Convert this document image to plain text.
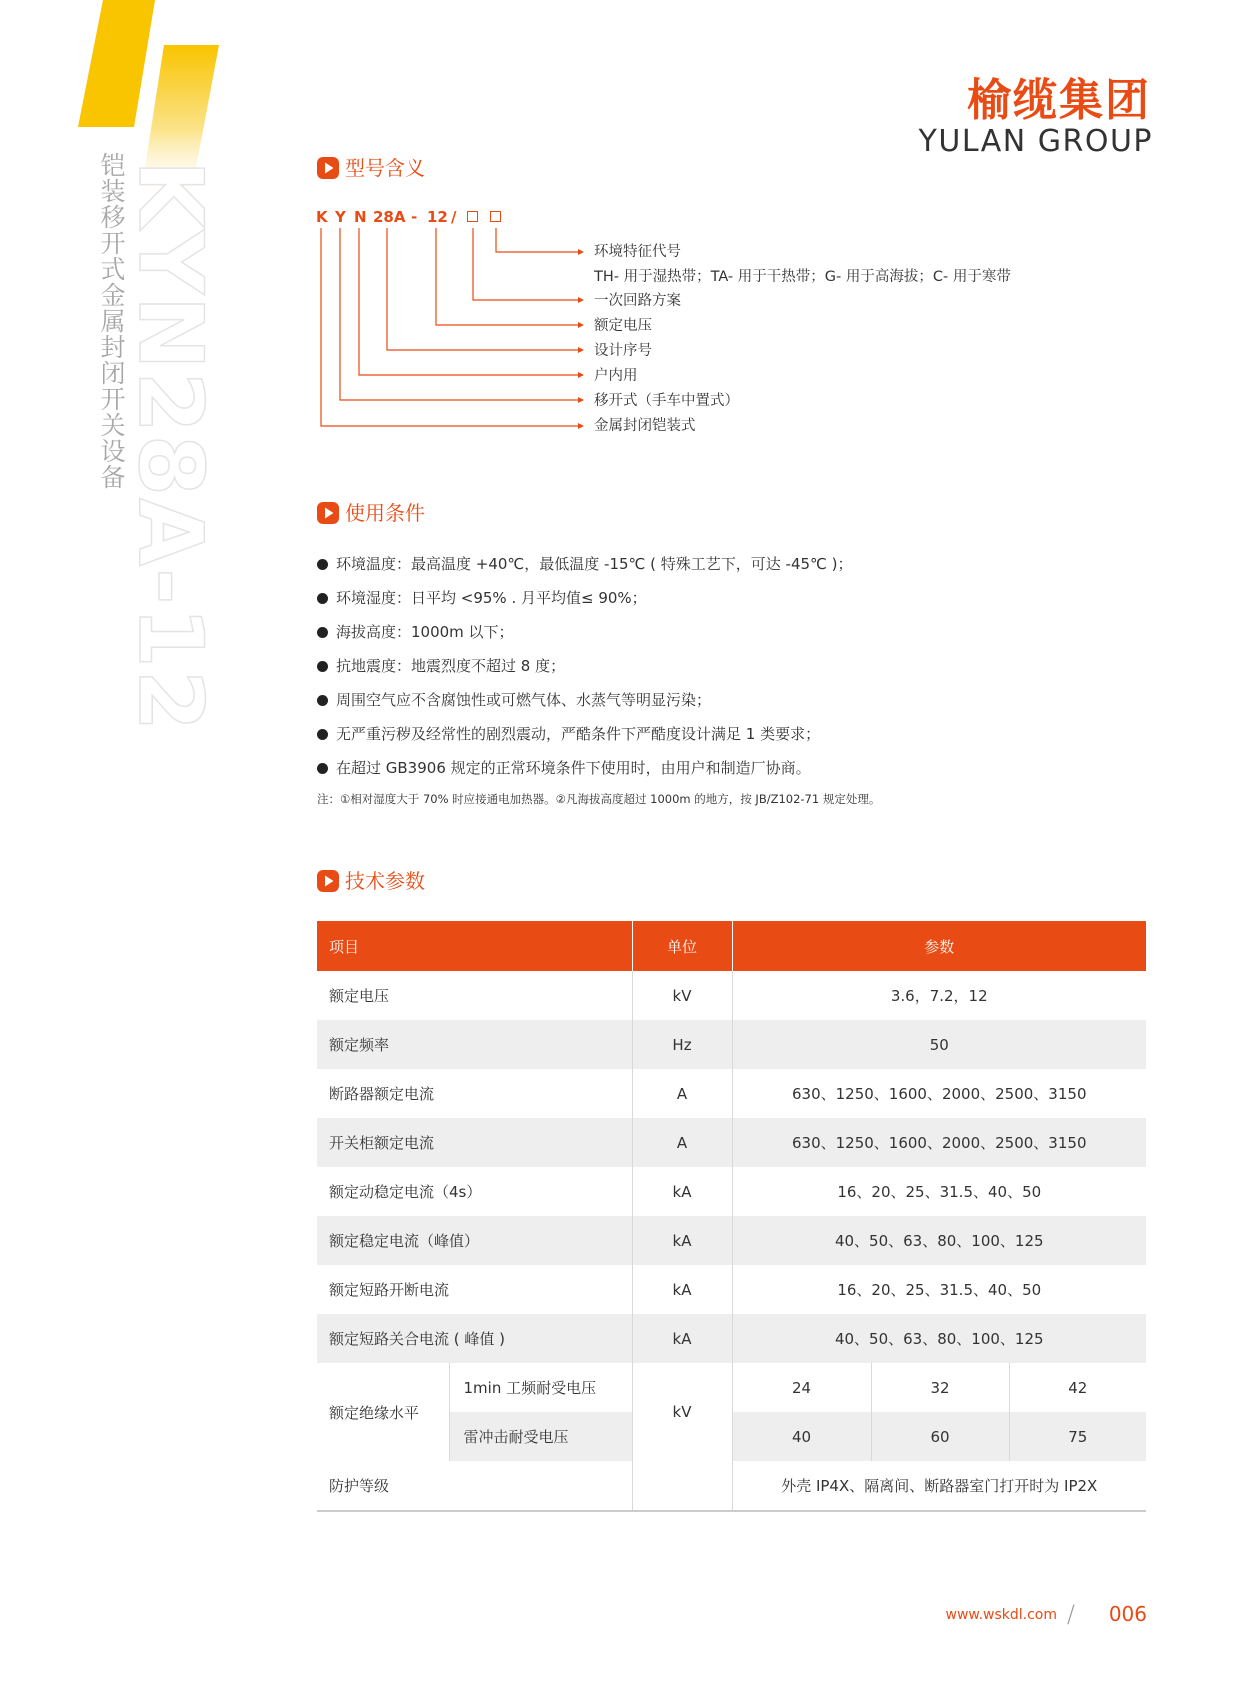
铠装移开式金属封闭开关设备
KYN28A-12
榆缆集团
YULAN GROUP
型号含义
K Y N 28A - 12 /
环境特征代号
TH- 用于湿热带；TA- 用于干热带；G- 用于高海拔；C- 用于寒带
一次回路方案
额定电压
设计序号
户内用
移开式（手车中置式）
金属封闭铠装式
使用条件
环境温度：最高温度 +40℃，最低温度 -15℃ ( 特殊工艺下，可达 -45℃ )；
环境湿度：日平均 <95% . 月平均值≤ 90%；
海拔高度：1000m 以下；
抗地震度：地震烈度不超过 8 度；
周围空气应不含腐蚀性或可燃气体、水蒸气等明显污染；
无严重污秽及经常性的剧烈震动，严酷条件下严酷度设计满足 1 类要求；
在超过 GB3906 规定的正常环境条件下使用时，由用户和制造厂协商。
注：①相对湿度大于 70% 时应接通电加热器。②凡海拔高度超过 1000m 的地方，按 JB/Z102-71 规定处理。
技术参数
项目		单位	参数		
额定电压		kV	3.6，7.2，12		
额定频率		Hz	50		
断路器额定电流		A	630、1250、1600、2000、2500、3150		
开关柜额定电流		A	630、1250、1600、2000、2500、3150		
额定动稳定电流（4s）		kA	16、20、25、31.5、40、50		
额定稳定电流（峰值）		kA	40、50、63、80、100、125		
额定短路开断电流		kA	16、20、25、31.5、40、50		
额定短路关合电流 ( 峰值 )		kA	40、50、63、80、100、125		
额定绝缘水平	1min 工频耐受电压	kV	24	32	42
	雷冲击耐受电压		40	60	75
防护等级			外壳 IP4X、隔离间、断路器室门打开时为 IP2X		
www.wskdl.com / 006
